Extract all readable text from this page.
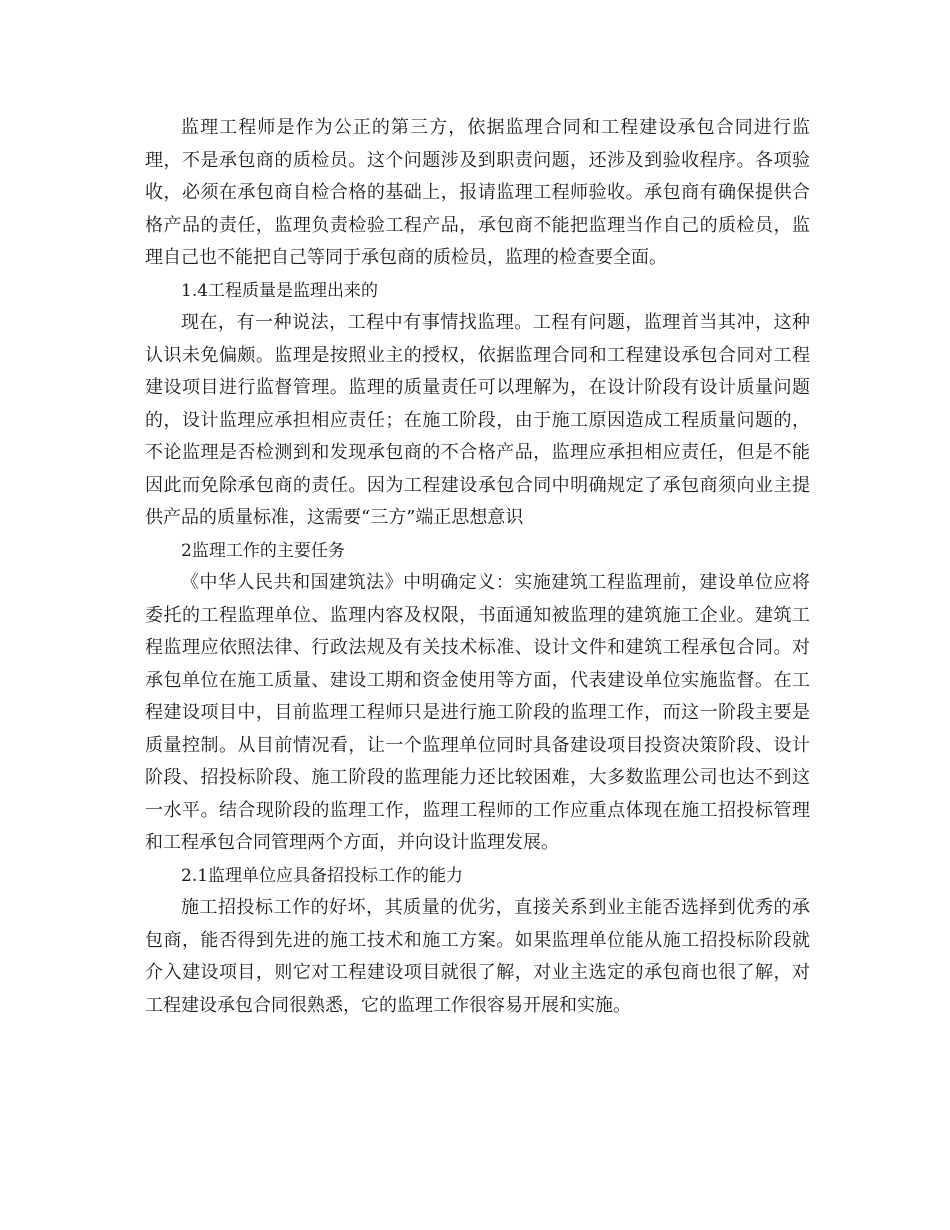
监理工程师是作为公正的第三方，依据监理合同和工程建设承包合同进行监理，不是承包商的质检员。这个问题涉及到职责问题，还涉及到验收程序。各项验收，必须在承包商自检合格的基础上，报请监理工程师验收。承包商有确保提供合格产品的责任，监理负责检验工程产品，承包商不能把监理当作自己的质检员，监理自己也不能把自己等同于承包商的质检员，监理的检查要全面。

1.4工程质量是监理出来的

现在，有一种说法，工程中有事情找监理。工程有问题，监理首当其冲，这种认识未免偏颇。监理是按照业主的授权，依据监理合同和工程建设承包合同对工程建设项目进行监督管理。监理的质量责任可以理解为，在设计阶段有设计质量问题的，设计监理应承担相应责任；在施工阶段，由于施工原因造成工程质量问题的，不论监理是否检测到和发现承包商的不合格产品，监理应承担相应责任，但是不能因此而免除承包商的责任。因为工程建设承包合同中明确规定了承包商须向业主提供产品的质量标准，这需要“三方”端正思想意识

2监理工作的主要任务

《中华人民共和国建筑法》中明确定义：实施建筑工程监理前，建设单位应将委托的工程监理单位、监理内容及权限，书面通知被监理的建筑施工企业。建筑工程监理应依照法律、行政法规及有关技术标准、设计文件和建筑工程承包合同。对承包单位在施工质量、建设工期和资金使用等方面，代表建设单位实施监督。在工程建设项目中，目前监理工程师只是进行施工阶段的监理工作，而这一阶段主要是质量控制。从目前情况看，让一个监理单位同时具备建设项目投资决策阶段、设计阶段、招投标阶段、施工阶段的监理能力还比较困难，大多数监理公司也达不到这一水平。结合现阶段的监理工作，监理工程师的工作应重点体现在施工招投标管理和工程承包合同管理两个方面，并向设计监理发展。

2.1监理单位应具备招投标工作的能力

施工招投标工作的好坏，其质量的优劣，直接关系到业主能否选择到优秀的承包商，能否得到先进的施工技术和施工方案。如果监理单位能从施工招投标阶段就介入建设项目，则它对工程建设项目就很了解，对业主选定的承包商也很了解，对工程建设承包合同很熟悉，它的监理工作很容易开展和实施。
